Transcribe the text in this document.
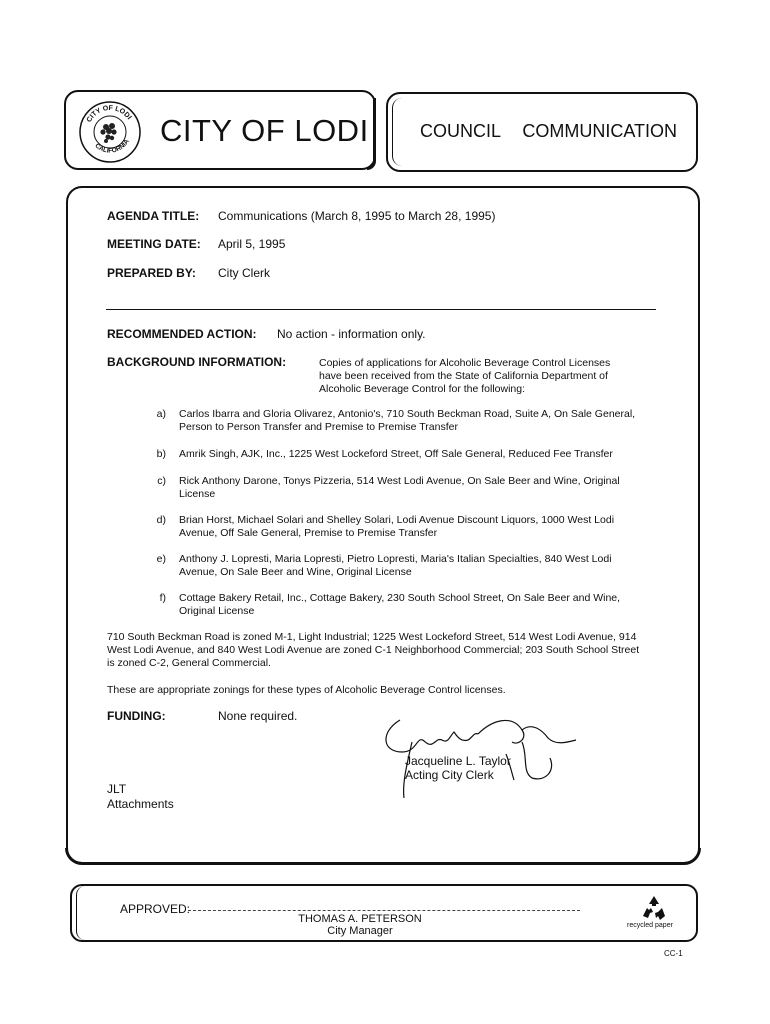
CITY OF LODI
CALIFORNIA CITY OF LODI	COUNCIL  COMMUNICATION
AGENDA TITLE: Communications (March 8, 1995 to March 28, 1995)
MEETING DATE: April 5, 1995
PREPARED BY: City Clerk
RECOMMENDED ACTION: No action - information only.
BACKGROUND INFORMATION:	Copies of applications for Alcoholic Beverage Control Licenses
have been received from the State of California Department of
Alcoholic Beverage Control for the following:
a) Carlos Ibarra and Gloria Olivarez, Antonio's, 710 South Beckman Road, Suite A, On Sale General,
Person to Person Transfer and Premise to Premise Transfer
b) Amrik Singh, AJK, Inc., 1225 West Lockeford Street, Off Sale General, Reduced Fee Transfer
c) Rick Anthony Darone, Tonys Pizzeria, 514 West Lodi Avenue, On Sale Beer and Wine, Original
License
d) Brian Horst, Michael Solari and Shelley Solari, Lodi Avenue Discount Liquors, 1000 West Lodi
Avenue, Off Sale General, Premise to Premise Transfer
e) Anthony J. Lopresti, Maria Lopresti, Pietro Lopresti, Maria's Italian Specialties, 840 West Lodi
Avenue, On Sale Beer and Wine, Original License
f) Cottage Bakery Retail, Inc., Cottage Bakery, 230 South School Street, On Sale Beer and Wine,
Original License
710 South Beckman Road is zoned M-1, Light Industrial; 1225 West Lockeford Street, 514 West Lodi Avenue, 914
West Lodi Avenue, and 840 West Lodi Avenue are zoned C-1 Neighborhood Commercial; 203 South School Street
is zoned C-2, General Commercial.
These are appropriate zonings for these types of Alcoholic Beverage Control licenses.
FUNDING:	None required.
Jacqueline L. Taylor
Acting City Clerk
JLT
Attachments
APPROVED:
THOMAS A. PETERSON
City Manager	recycled paper
CC-1
